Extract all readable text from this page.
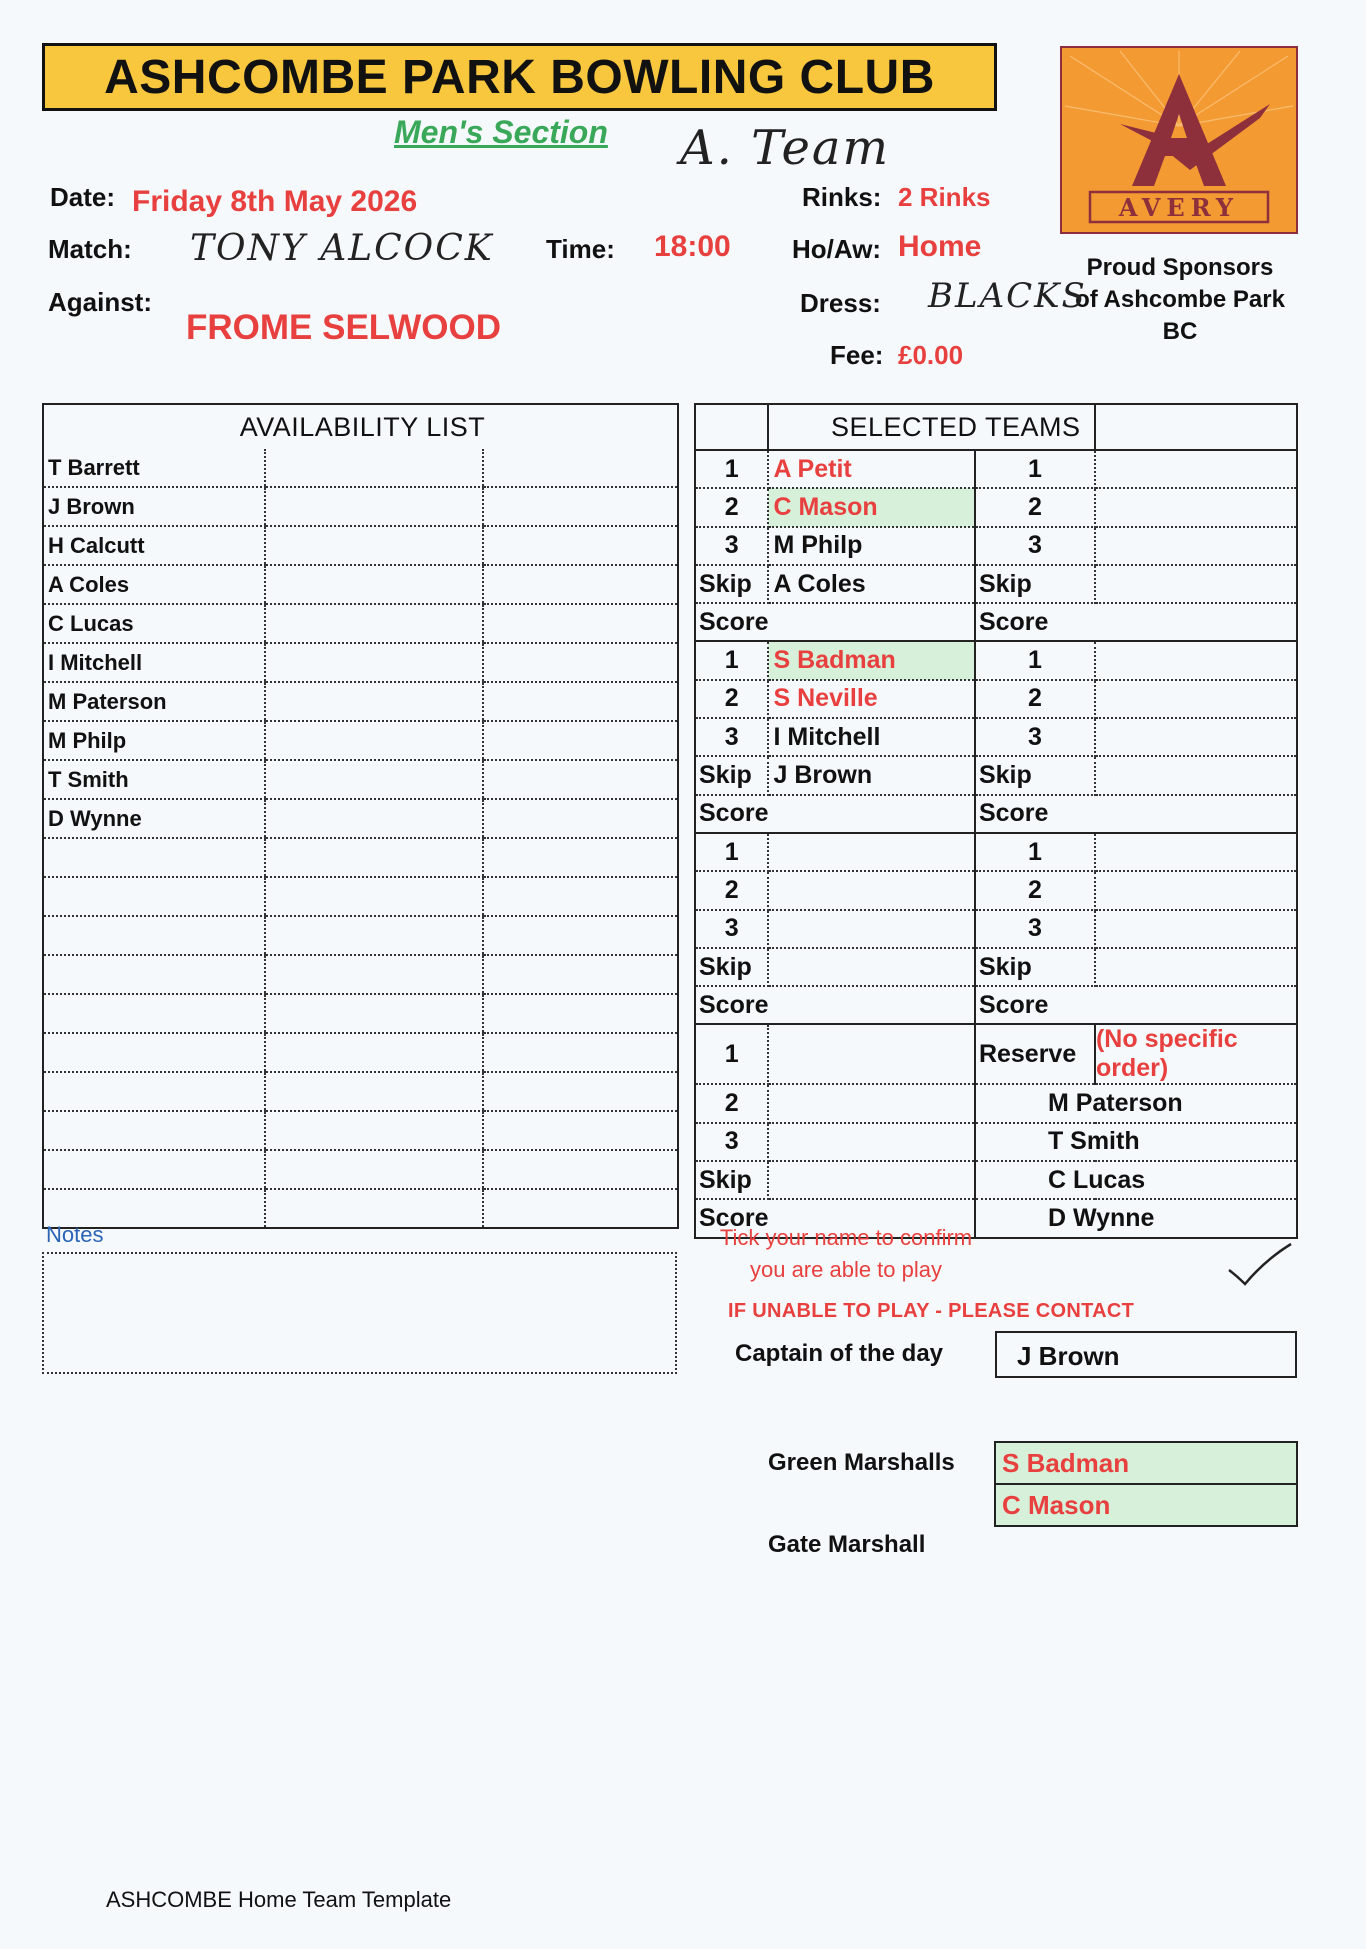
ASHCOMBE PARK BOWLING CLUB
Men's Section A. Team
AVERY
Proud Sponsors
of Ashcombe Park
BC
Date: Friday 8th May 2026
Match: TONY ALCOCK Time: 18:00
Against:
FROME SELWOOD
Rinks: 2 Rinks
Ho/Aw: Home
Dress: BLACKS
Fee: £0.00
AVAILABILITY LIST		
T Barrett		
J Brown		
H Calcutt		
A Coles		
C Lucas		
I Mitchell		
M Paterson		
M Philp		
T Smith		
D Wynne		

	SELECTED TEAMS		
1	A Petit	1	
2	C Mason	2	
3	M Philp	3	
Skip	A Coles	Skip	
Score		Score	
1	S Badman	1	
2	S Neville	2	
3	I Mitchell	3	
Skip	J Brown	Skip	
Score		Score	
1		1	
2		2	
3		3	
Skip		Skip	
Score		Score	
1		Reserve	(No specific order)
2		M Paterson	
3		T Smith	
Skip		C Lucas	
Score		D Wynne	
Notes	Tick your name to confirm
you are able to play
IF UNABLE TO PLAY - PLEASE CONTACT
Captain of the day	J Brown
Green Marshalls S Badman
C Mason
Gate Marshall
ASHCOMBE Home Team Template
